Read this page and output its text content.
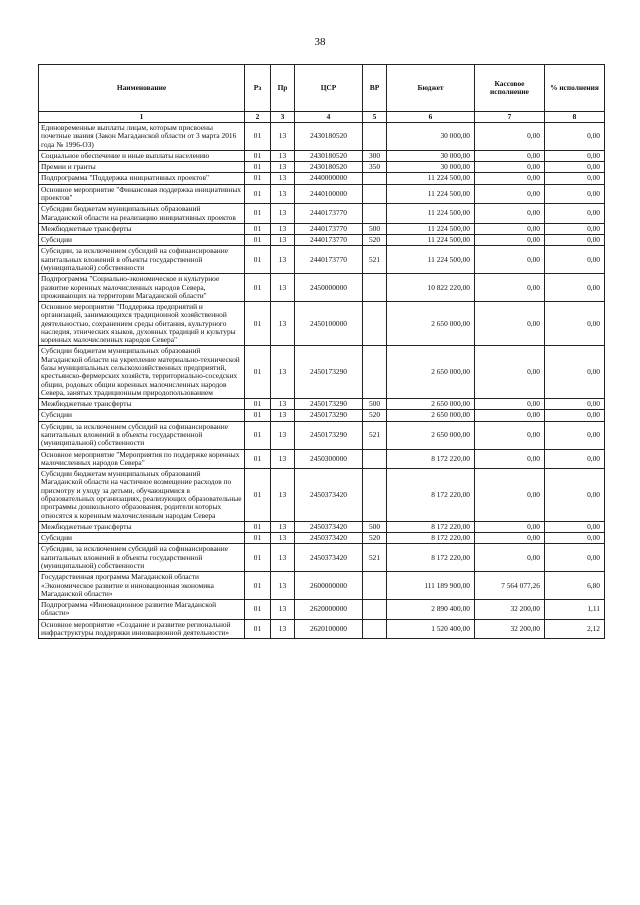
38
Наименование	Рз	Пр	ЦСР	ВР	Бюджет	Кассовое исполнение	% исполнения
1	2	3	4	5	6	7	8
Единовременные выплаты лицам, которым присвоены почетные звания (Закон Магаданской области от 3 марта 2016 года № 1996-ОЗ)	01	13	2430180520		30 000,00	0,00	0,00
Социальное обеспечение и иные выплаты населению	01	13	2430180520	300	30 000,00	0,00	0,00
Премии и гранты	01	13	2430180520	350	30 000,00	0,00	0,00
Подпрограмма "Поддержка инициативных проектов"	01	13	2440000000		11 224 500,00	0,00	0,00
Основное мероприятие "Финансовая поддержка инициативных проектов"	01	13	2440100000		11 224 500,00	0,00	0,00
Субсидии бюджетам муниципальных образований Магаданской области на реализацию инициативных проектов	01	13	2440173770		11 224 500,00	0,00	0,00
Межбюджетные трансферты	01	13	2440173770	500	11 224 500,00	0,00	0,00
Субсидии	01	13	2440173770	520	11 224 500,00	0,00	0,00
Субсидии, за исключением субсидий на софинансирование капитальных вложений в объекты государственной (муниципальной) собственности	01	13	2440173770	521	11 224 500,00	0,00	0,00
Подпрограмма "Социально-экономическое и культурное развитие коренных малочисленных народов Севера, проживающих на территории Магаданской области"	01	13	2450000000		10 822 220,00	0,00	0,00
Основное мероприятие "Поддержка предприятий и организаций, занимающихся традиционной хозяйственной деятельностью, сохранением среды обитания, культурного наследия, этнических языков, духовных традиций и культуры коренных малочисленных народов Севера"	01	13	2450100000		2 650 000,00	0,00	0,00
Субсидии бюджетам муниципальных образований Магаданской области на укрепление материально-технической базы муниципальных сельскохозяйственных предприятий, крестьянско-фермерских хозяйств, территориально-соседских общин, родовых общин коренных малочисленных народов Севера, занятых традиционным природопользованием	01	13	2450173290		2 650 000,00	0,00	0,00
Межбюджетные трансферты	01	13	2450173290	500	2 650 000,00	0,00	0,00
Субсидии	01	13	2450173290	520	2 650 000,00	0,00	0,00
Субсидии, за исключением субсидий на софинансирование капитальных вложений в объекты государственной (муниципальной) собственности	01	13	2450173290	521	2 650 000,00	0,00	0,00
Основное мероприятие "Мероприятия по поддержке коренных малочисленных народов Севера"	01	13	2450300000		8 172 220,00	0,00	0,00
Субсидии бюджетам муниципальных образований Магаданской области на частичное возмещение расходов по присмотру и уходу за детьми, обучающимися в образовательных организациях, реализующих образовательные программы дошкольного образования, родители которых относятся к коренным малочисленным народам Севера	01	13	2450373420		8 172 220,00	0,00	0,00
Межбюджетные трансферты	01	13	2450373420	500	8 172 220,00	0,00	0,00
Субсидии	01	13	2450373420	520	8 172 220,00	0,00	0,00
Субсидии, за исключением субсидий на софинансирование капитальных вложений в объекты государственной (муниципальной) собственности	01	13	2450373420	521	8 172 220,00	0,00	0,00
Государственная программа Магаданской области «Экономическое развитие и инновационная экономика Магаданской области»	01	13	2600000000		111 189 900,00	7 564 077,26	6,80
Подпрограмма «Инновационное развитие Магаданской области»	01	13	2620000000		2 890 400,00	32 200,00	1,11
Основное мероприятие «Создание и развитие региональной инфраструктуры поддержки инновационной деятельности»	01	13	2620100000		1 520 400,00	32 200,00	2,12
